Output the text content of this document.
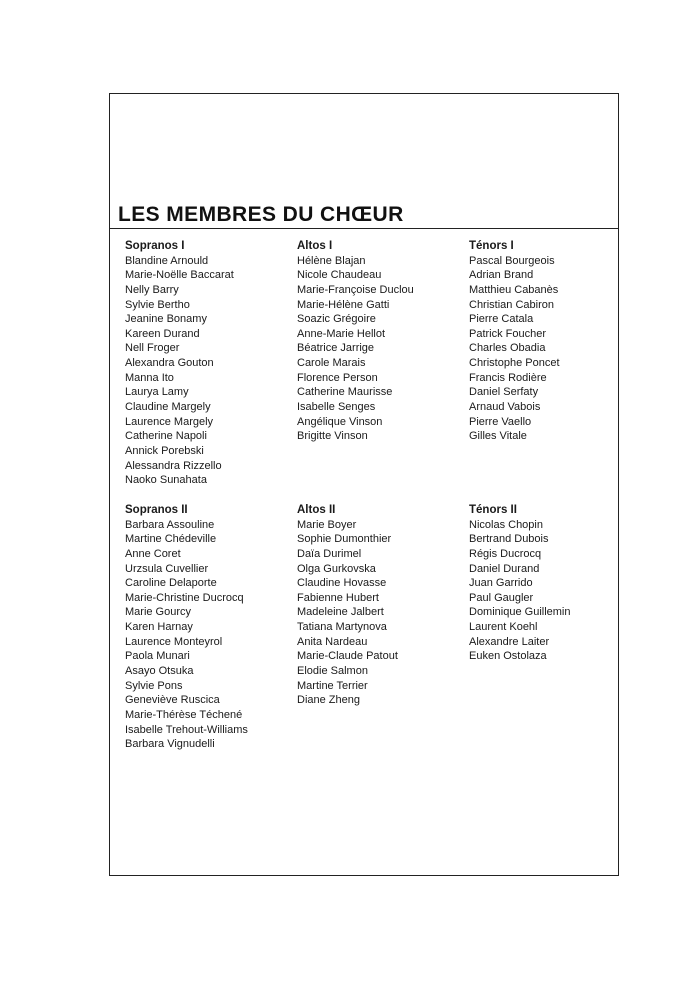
LES MEMBRES DU CHŒUR
Sopranos I
Blandine Arnould
Marie-Noëlle Baccarat
Nelly Barry
Sylvie Bertho
Jeanine Bonamy
Kareen Durand
Nell Froger
Alexandra Gouton
Manna Ito
Laurya Lamy
Claudine Margely
Laurence Margely
Catherine Napoli
Annick Porebski
Alessandra Rizzello
Naoko Sunahata
Altos I
Hélène Blajan
Nicole Chaudeau
Marie-Françoise Duclou
Marie-Hélène Gatti
Soazic Grégoire
Anne-Marie Hellot
Béatrice Jarrige
Carole Marais
Florence Person
Catherine Maurisse
Isabelle Senges
Angélique Vinson
Brigitte Vinson
Ténors I
Pascal Bourgeois
Adrian Brand
Matthieu Cabanès
Christian Cabiron
Pierre Catala
Patrick Foucher
Charles Obadia
Christophe Poncet
Francis Rodière
Daniel Serfaty
Arnaud Vabois
Pierre Vaello
Gilles Vitale
Sopranos II
Barbara Assouline
Martine Chédeville
Anne Coret
Urzsula Cuvellier
Caroline Delaporte
Marie-Christine Ducrocq
Marie Gourcy
Karen Harnay
Laurence Monteyrol
Paola Munari
Asayo Otsuka
Sylvie Pons
Geneviève Ruscica
Marie-Thérèse Téchené
Isabelle Trehout-Williams
Barbara Vignudelli
Altos II
Marie Boyer
Sophie Dumonthier
Daïa Durimel
Olga Gurkovska
Claudine Hovasse
Fabienne Hubert
Madeleine Jalbert
Tatiana Martynova
Anita Nardeau
Marie-Claude Patout
Elodie Salmon
Martine Terrier
Diane Zheng
Ténors II
Nicolas Chopin
Bertrand Dubois
Régis Ducrocq
Daniel Durand
Juan Garrido
Paul Gaugler
Dominique Guillemin
Laurent Koehl
Alexandre Laiter
Euken Ostolaza
